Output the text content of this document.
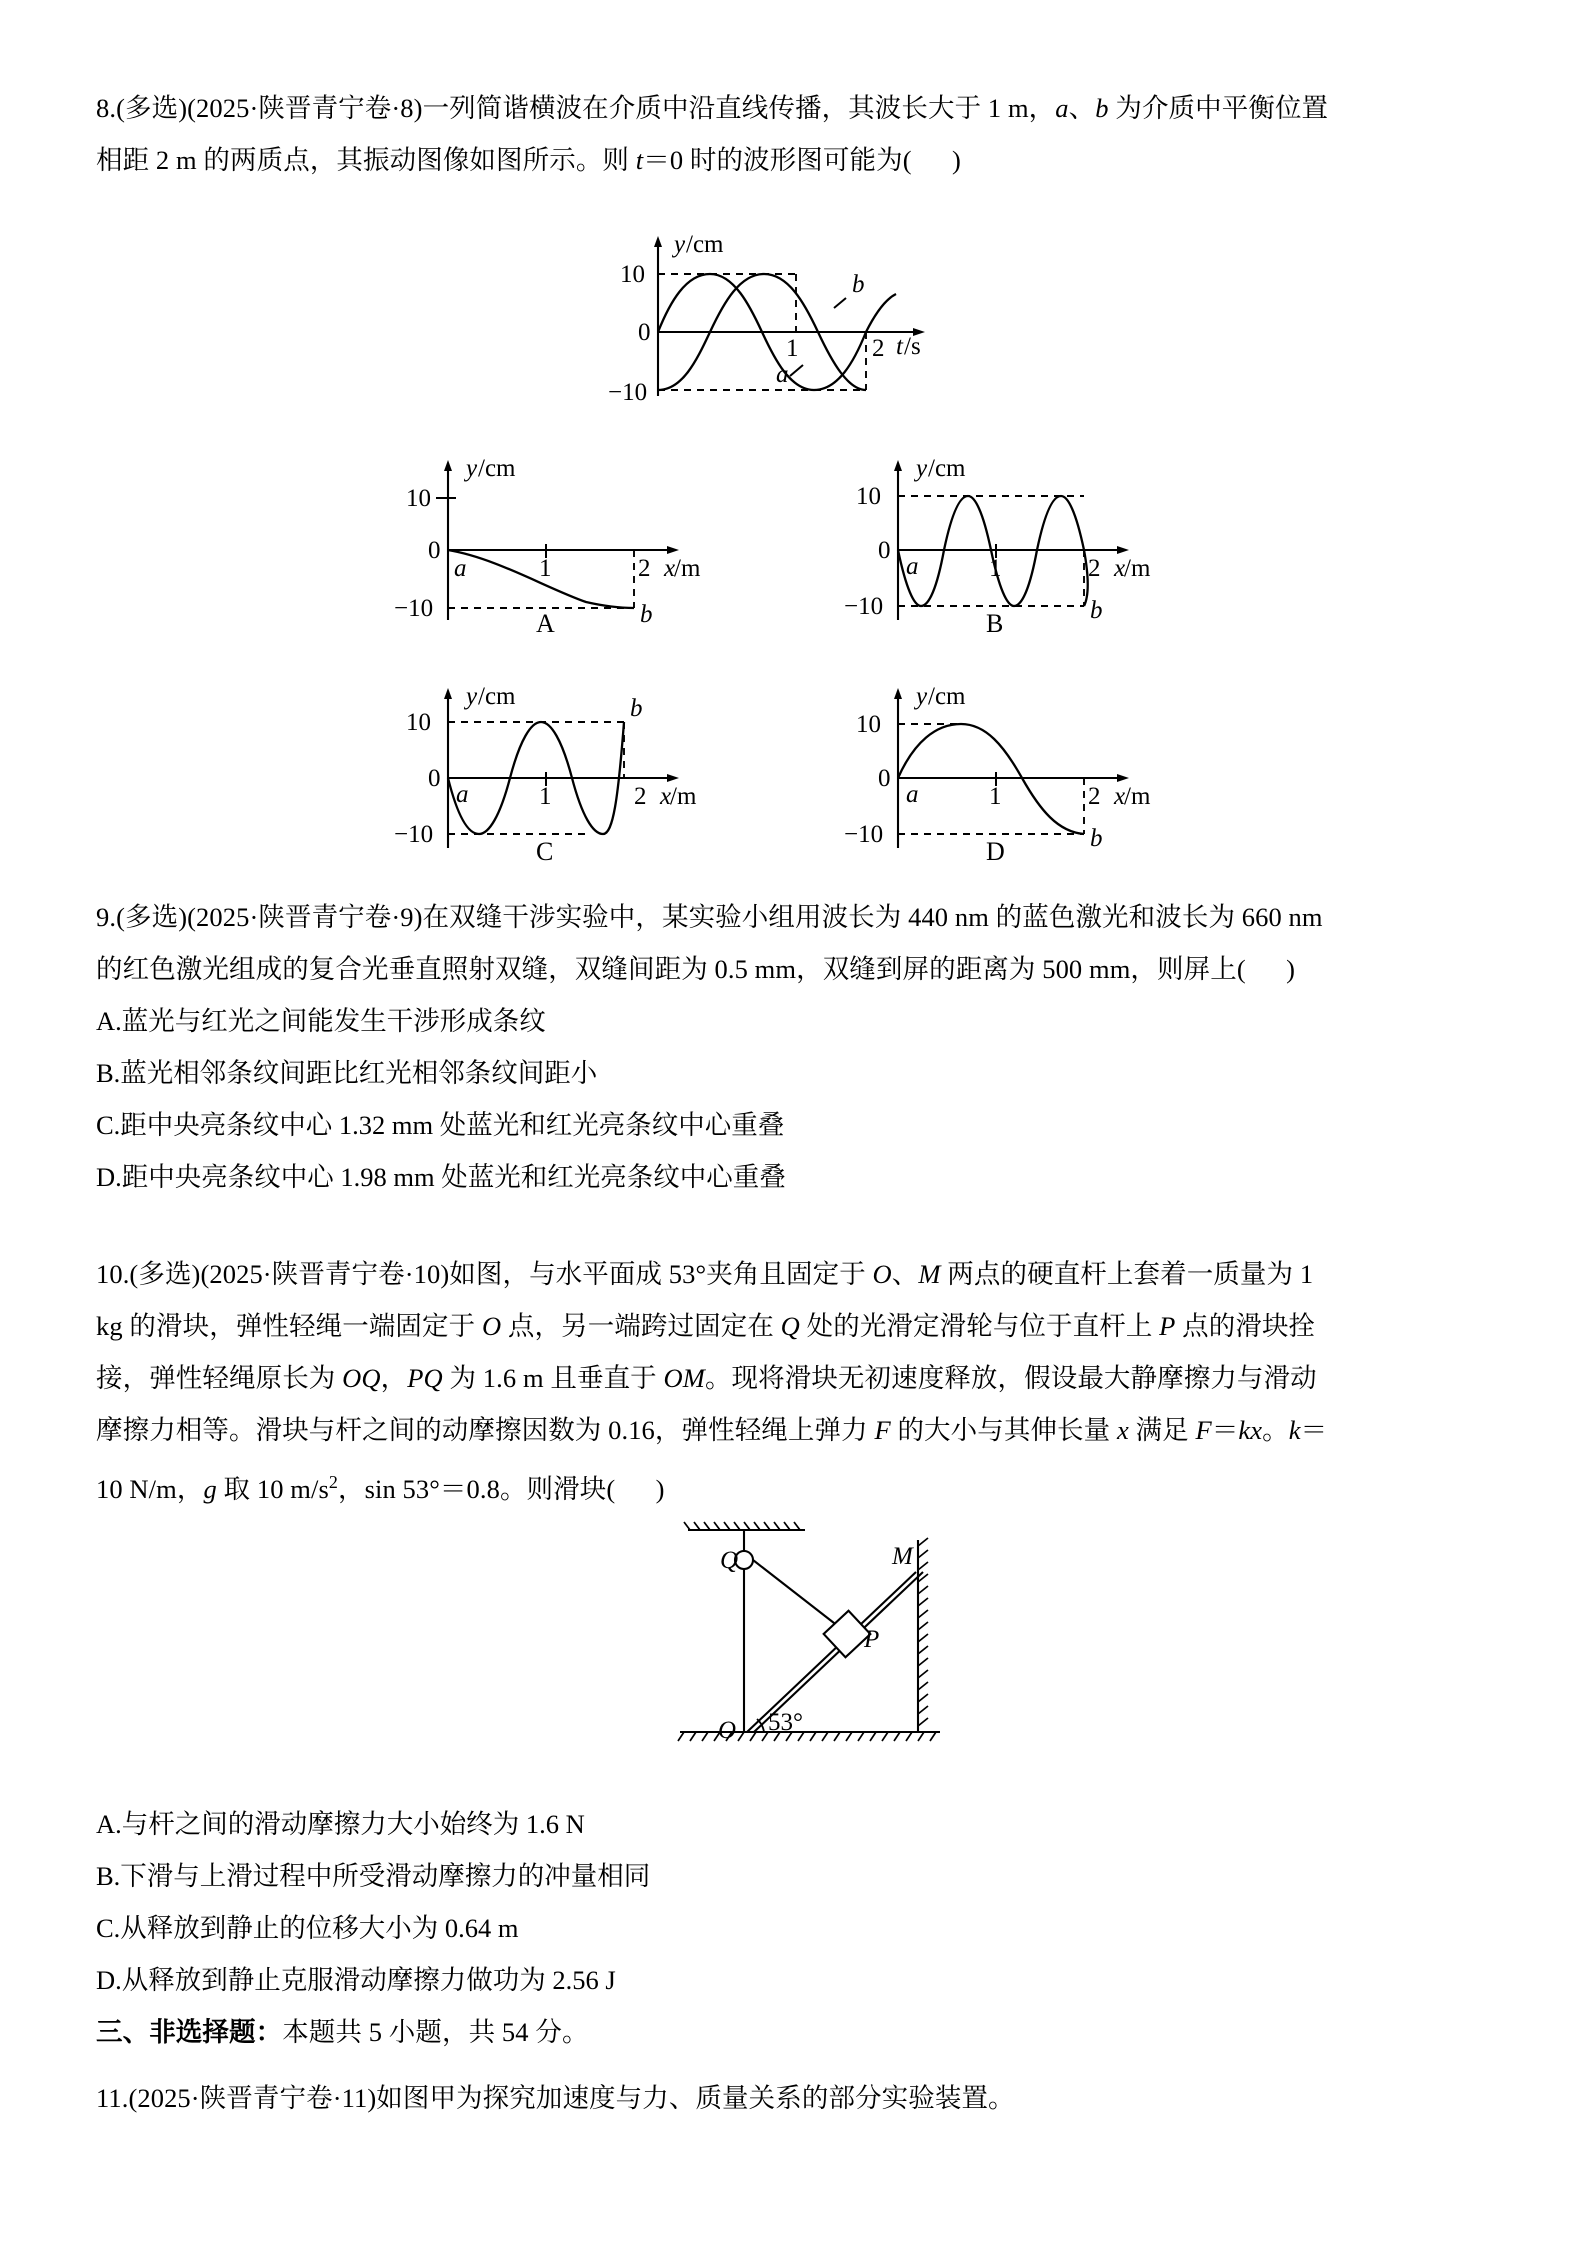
8.(多选)(2025·陕晋青宁卷·8)一列简谐横波在介质中沿直线传播，其波长大于 1 m，a、b 为介质中平衡位置

相距 2 m 的两质点，其振动图像如图所示。则 t＝0 时的波形图可能为(      )

y /cm
10
0
−10
1	2 t /s
b
a
y /cm
10
0
−10
1	2 x
/m
a
b
A
y /cm
10
0
−10
1	2 x
/m
a
b
B
y /cm
10
0
−10
1	2 x
/m
a
b
C
y /cm
10
0
−10
1	2 x
/m
a
b
D

9.(多选)(2025·陕晋青宁卷·9)在双缝干涉实验中，某实验小组用波长为 440 nm 的蓝色激光和波长为 660 nm

的红色激光组成的复合光垂直照射双缝，双缝间距为 0.5 mm，双缝到屏的距离为 500 mm，则屏上(      )

A.蓝光与红光之间能发生干涉形成条纹

B.蓝光相邻条纹间距比红光相邻条纹间距小

C.距中央亮条纹中心 1.32 mm 处蓝光和红光亮条纹中心重叠

D.距中央亮条纹中心 1.98 mm 处蓝光和红光亮条纹中心重叠

10.(多选)(2025·陕晋青宁卷·10)如图，与水平面成 53°夹角且固定于 O、M 两点的硬直杆上套着一质量为 1

kg 的滑块，弹性轻绳一端固定于 O 点，另一端跨过固定在 Q 处的光滑定滑轮与位于直杆上 P 点的滑块拴

接，弹性轻绳原长为 OQ，PQ 为 1.6 m 且垂直于 OM。现将滑块无初速度释放，假设最大静摩擦力与滑动

摩擦力相等。滑块与杆之间的动摩擦因数为 0.16，弹性轻绳上弹力 F 的大小与其伸长量 x 满足 F＝kx。k＝

10 N/m，g 取 10 $m/s^2$，sin 53°＝0.8。则滑块(      )

Q	M
P
O 53°

A.与杆之间的滑动摩擦力大小始终为 1.6 N

B.下滑与上滑过程中所受滑动摩擦力的冲量相同

C.从释放到静止的位移大小为 0.64 m

D.从释放到静止克服滑动摩擦力做功为 2.56 J

三、非选择题：本题共 5 小题，共 54 分。

11.(2025·陕晋青宁卷·11)如图甲为探究加速度与力、质量关系的部分实验装置。
